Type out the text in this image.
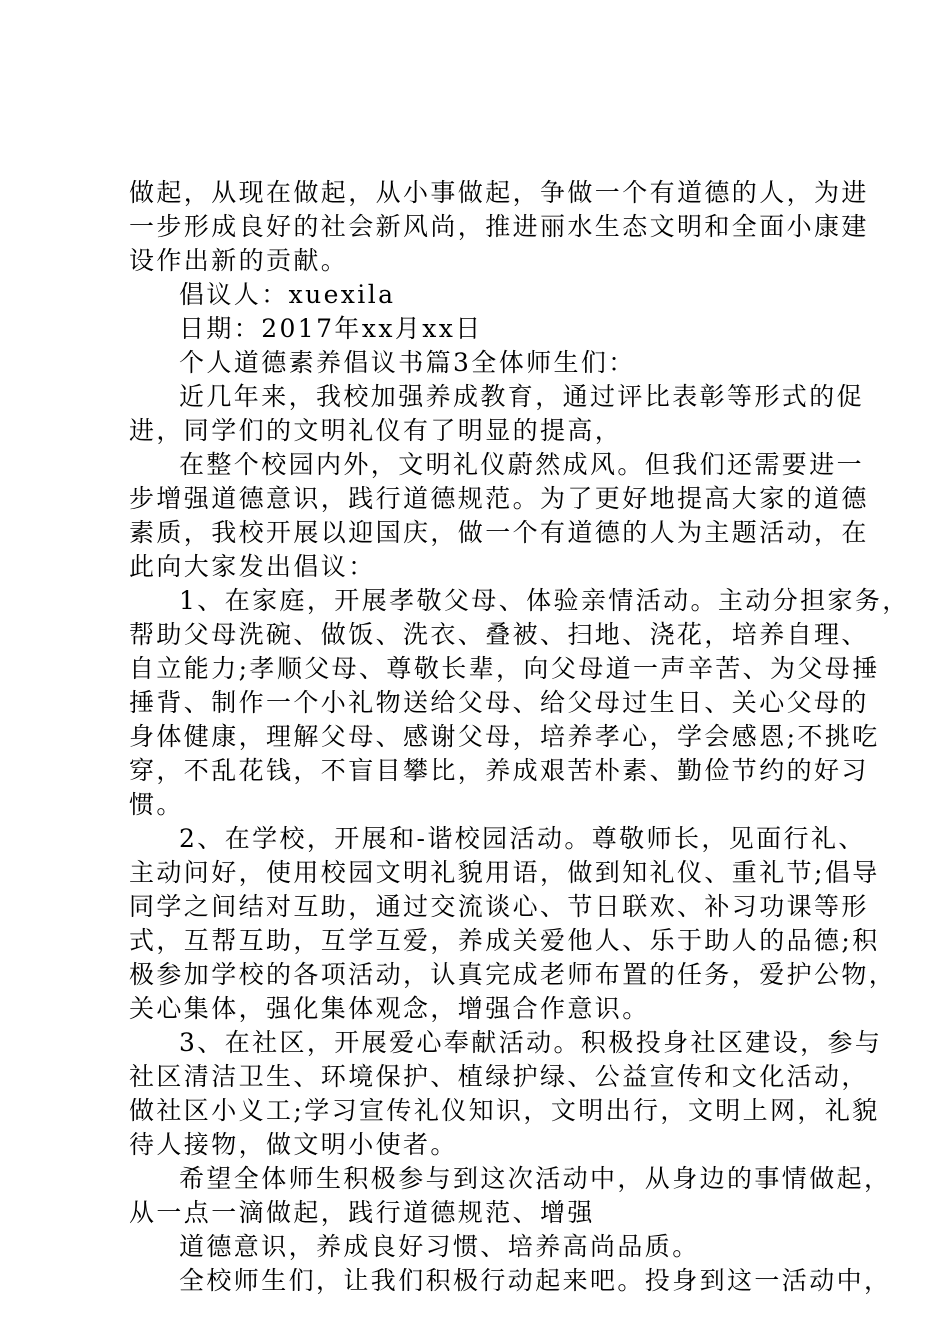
做起，从现在做起，从小事做起，争做一个有道德的人，为进
一步形成良好的社会新风尚，推进丽水生态文明和全面小康建
设作出新的贡献。
倡议人：xuexila
日期：2017年xx月xx日
个人道德素养倡议书篇3全体师生们：
近几年来，我校加强养成教育，通过评比表彰等形式的促
进，同学们的文明礼仪有了明显的提高，
在整个校园内外，文明礼仪蔚然成风。但我们还需要进一
步增强道德意识，践行道德规范。为了更好地提高大家的道德
素质，我校开展以迎国庆，做一个有道德的人为主题活动，在
此向大家发出倡议：
1、在家庭，开展孝敬父母、体验亲情活动。主动分担家务，
帮助父母洗碗、做饭、洗衣、叠被、扫地、浇花，培养自理、
自立能力;孝顺父母、尊敬长辈，向父母道一声辛苦、为父母捶
捶背、制作一个小礼物送给父母、给父母过生日、关心父母的
身体健康，理解父母、感谢父母，培养孝心，学会感恩;不挑吃
穿，不乱花钱，不盲目攀比，养成艰苦朴素、勤俭节约的好习
惯。
2、在学校，开展和-谐校园活动。尊敬师长，见面行礼、
主动问好，使用校园文明礼貌用语，做到知礼仪、重礼节;倡导
同学之间结对互助，通过交流谈心、节日联欢、补习功课等形
式，互帮互助，互学互爱，养成关爱他人、乐于助人的品德;积
极参加学校的各项活动，认真完成老师布置的任务，爱护公物，
关心集体，强化集体观念，增强合作意识。
3、在社区，开展爱心奉献活动。积极投身社区建设，参与
社区清洁卫生、环境保护、植绿护绿、公益宣传和文化活动，
做社区小义工;学习宣传礼仪知识，文明出行，文明上网，礼貌
待人接物，做文明小使者。
希望全体师生积极参与到这次活动中，从身边的事情做起，
从一点一滴做起，践行道德规范、增强
道德意识，养成良好习惯、培养高尚品质。
全校师生们，让我们积极行动起来吧。投身到这一活动中，
